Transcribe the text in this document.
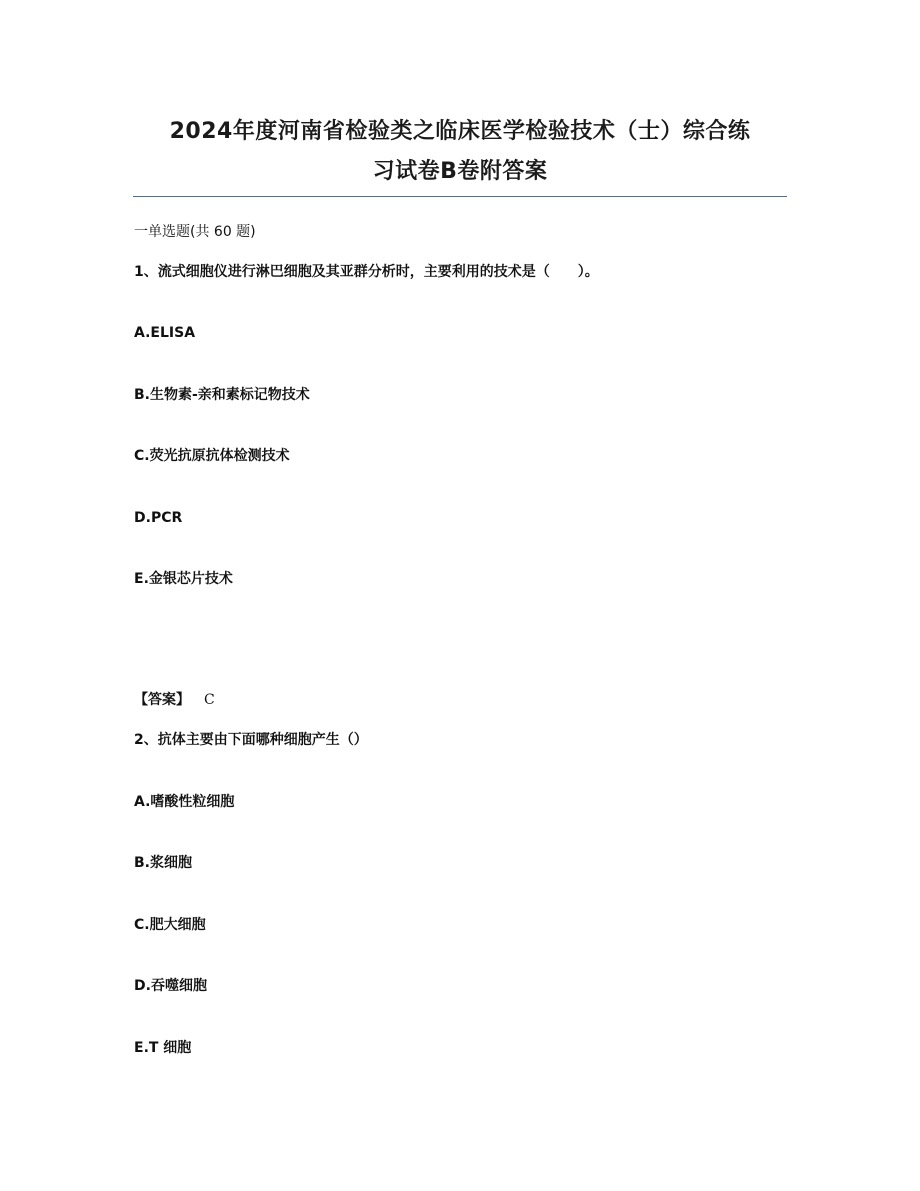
2024年度河南省检验类之临床医学检验技术（士）综合练
习试卷B卷附答案
一单选题(共 60 题)
1、流式细胞仪进行淋巴细胞及其亚群分析时，主要利用的技术是（　　）。
A.ELISA
B.生物素-亲和素标记物技术
C.荧光抗原抗体检测技术
D.PCR
E.金银芯片技术
【答案】 C
2、抗体主要由下面哪种细胞产生（）
A.嗜酸性粒细胞
B.浆细胞
C.肥大细胞
D.吞噬细胞
E.T 细胞
